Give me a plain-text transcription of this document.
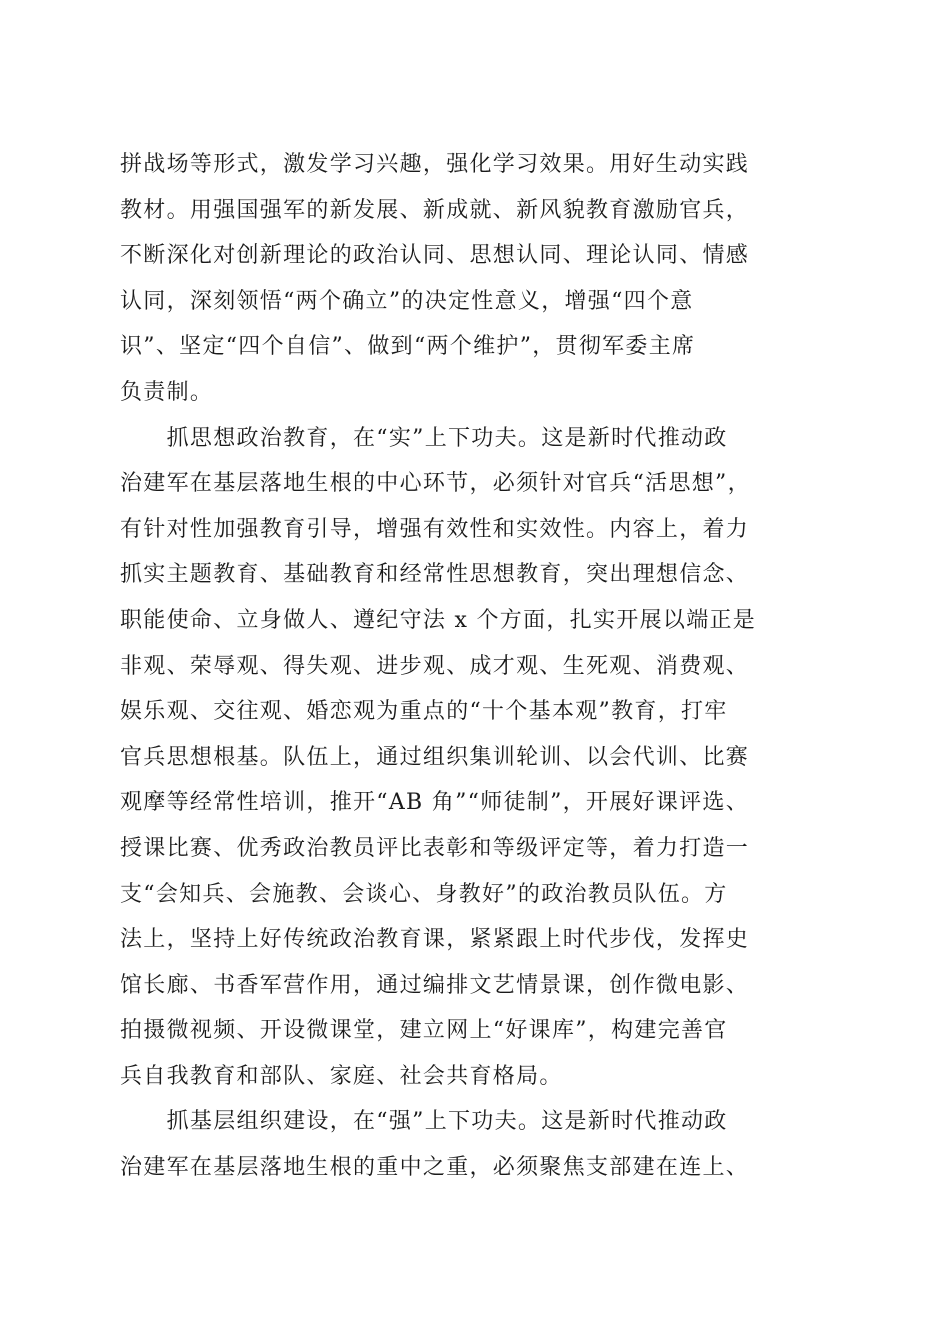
拼战场等形式，激发学习兴趣，强化学习效果。用好生动实践
教材。用强国强军的新发展、新成就、新风貌教育激励官兵，
不断深化对创新理论的政治认同、思想认同、理论认同、情感
认同，深刻领悟“两个确立”的决定性意义，增强“四个意
识”、坚定“四个自信”、做到“两个维护”，贯彻军委主席
负责制。
　　抓思想政治教育，在“实”上下功夫。这是新时代推动政
治建军在基层落地生根的中心环节，必须针对官兵“活思想”，
有针对性加强教育引导，增强有效性和实效性。内容上，着力
抓实主题教育、基础教育和经常性思想教育，突出理想信念、
职能使命、立身做人、遵纪守法 x 个方面，扎实开展以端正是
非观、荣辱观、得失观、进步观、成才观、生死观、消费观、
娱乐观、交往观、婚恋观为重点的“十个基本观”教育，打牢
官兵思想根基。队伍上，通过组织集训轮训、以会代训、比赛
观摩等经常性培训，推开“AB 角”“师徒制”，开展好课评选、
授课比赛、优秀政治教员评比表彰和等级评定等，着力打造一
支“会知兵、会施教、会谈心、身教好”的政治教员队伍。方
法上，坚持上好传统政治教育课，紧紧跟上时代步伐，发挥史
馆长廊、书香军营作用，通过编排文艺情景课，创作微电影、
拍摄微视频、开设微课堂，建立网上“好课库”，构建完善官
兵自我教育和部队、家庭、社会共育格局。
　　抓基层组织建设，在“强”上下功夫。这是新时代推动政
治建军在基层落地生根的重中之重，必须聚焦支部建在连上、
